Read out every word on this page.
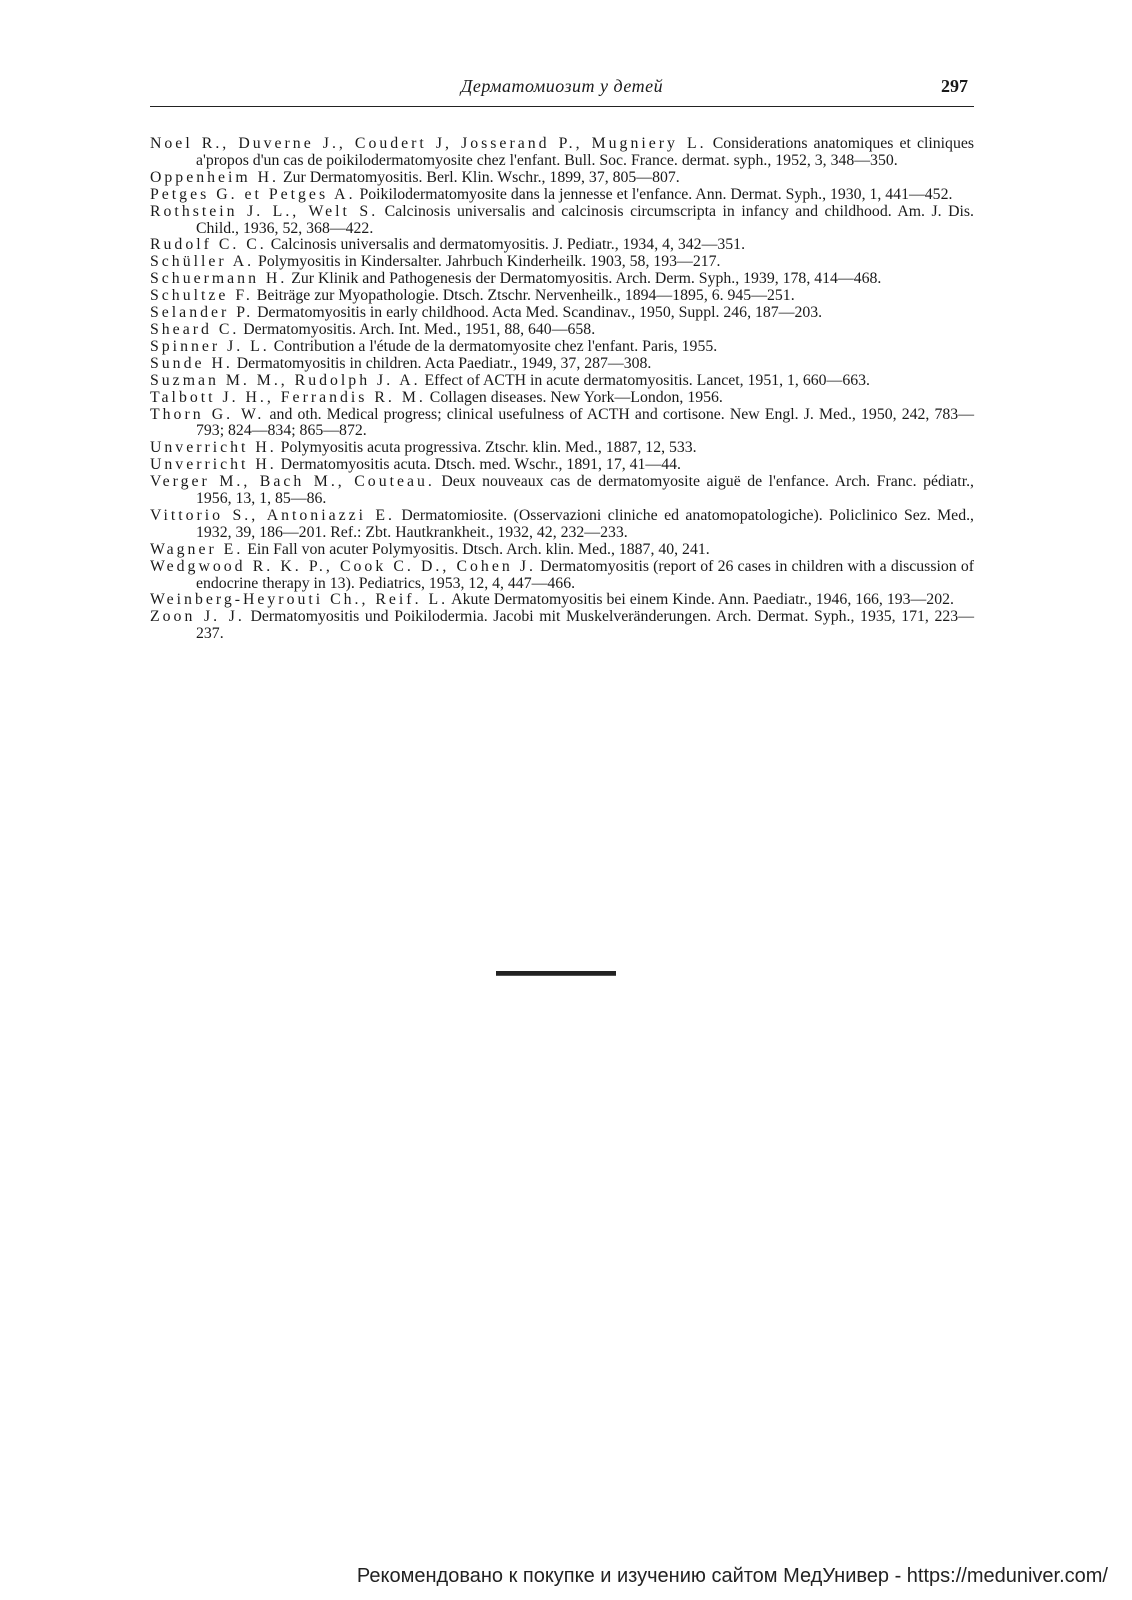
Дерматомиозит у детей	297
Noel R., Duverne J., Coudert J, Josserand P., Mugniery L. Considerations anatomiques et cliniques a'propos d'un cas de poikilodermatomyosite chez l'enfant. Bull. Soc. France. dermat. syph., 1952, 3, 348—350.
Oppenheim H. Zur Dermatomyositis. Berl. Klin. Wschr., 1899, 37, 805—807.
Petges G. et Petges A. Poikilodermatomyosite dans la jennesse et l'enfance. Ann. Dermat. Syph., 1930, 1, 441—452.
Rothstein J. L., Welt S. Calcinosis universalis and calcinosis circumscripta in infancy and childhood. Am. J. Dis. Child., 1936, 52, 368—422.
Rudolf C. C. Calcinosis universalis and dermatomyositis. J. Pediatr., 1934, 4, 342—351.
Schüller A. Polymyositis in Kindersalter. Jahrbuch Kinderheilk. 1903, 58, 193—217.
Schuermann H. Zur Klinik and Pathogenesis der Dermatomyositis. Arch. Derm. Syph., 1939, 178, 414—468.
Schultze F. Beiträge zur Myopathologie. Dtsch. Ztschr. Nervenheilk., 1894—1895, 6. 945—251.
Selander P. Dermatomyositis in early childhood. Acta Med. Scandinav., 1950, Suppl. 246, 187—203.
Sheard C. Dermatomyositis. Arch. Int. Med., 1951, 88, 640—658.
Spinner J. L. Contribution a l'étude de la dermatomyosite chez l'enfant. Paris, 1955.
Sunde H. Dermatomyositis in children. Acta Paediatr., 1949, 37, 287—308.
Suzman M. M., Rudolph J. A. Effect of ACTH in acute dermatomyositis. Lancet, 1951, 1, 660—663.
Talbott J. H., Ferrandis R. M. Collagen diseases. New York—London, 1956.
Thorn G. W. and oth. Medical progress; clinical usefulness of ACTH and cortisone. New Engl. J. Med., 1950, 242, 783—793; 824—834; 865—872.
Unverricht H. Polymyositis acuta progressiva. Ztschr. klin. Med., 1887, 12, 533.
Unverricht H. Dermatomyositis acuta. Dtsch. med. Wschr., 1891, 17, 41—44.
Verger M., Bach M., Couteau. Deux nouveaux cas de dermatomyosite aiguë de l'enfance. Arch. Franc. pédiatr., 1956, 13, 1, 85—86.
Vittorio S., Antoniazzi E. Dermatomiosite. (Osservazioni cliniche ed anatomopatologiche). Policlinico Sez. Med., 1932, 39, 186—201. Ref.: Zbt. Hautkrankheit., 1932, 42, 232—233.
Wagner E. Ein Fall von acuter Polymyositis. Dtsch. Arch. klin. Med., 1887, 40, 241.
Wedgwood R. K. P., Cook C. D., Cohen J. Dermatomyositis (report of 26 cases in children with a discussion of endocrine therapy in 13). Pediatrics, 1953, 12, 4, 447—466.
Weinberg-Heyrouti Ch., Reif. L. Akute Dermatomyositis bei einem Kinde. Ann. Paediatr., 1946, 166, 193—202.
Zoon J. J. Dermatomyositis und Poikilodermia. Jacobi mit Muskelveränderungen. Arch. Dermat. Syph., 1935, 171, 223—237.
Рекомендовано к покупке и изучению сайтом МедУнивер - https://meduniver.com/
